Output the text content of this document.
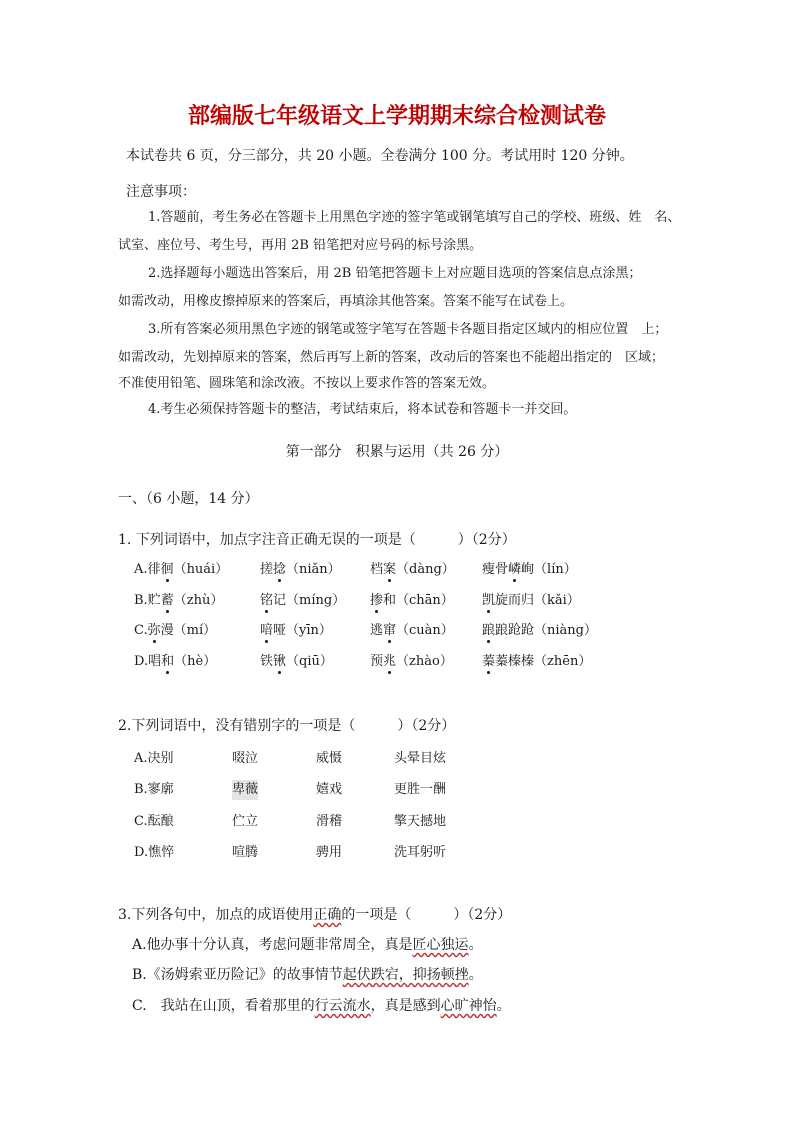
部编版七年级语文上学期期末综合检测试卷
本试卷共 6 页，分三部分，共 20 小题。全卷满分 100 分。考试用时 120 分钟。
注意事项：
1.答题前，考生务必在答题卡上用黑色字迹的签字笔或钢笔填写自己的学校、班级、姓　名、
试室、座位号、考生号，再用 2B 铅笔把对应号码的标号涂黑。
2.选择题每小题选出答案后，用 2B 铅笔把答题卡上对应题目选项的答案信息点涂黑；
如需改动，用橡皮擦掉原来的答案后，再填涂其他答案。答案不能写在试卷上。
3.所有答案必须用黑色字迹的钢笔或签字笔写在答题卡各题目指定区域内的相应位置　上；
如需改动，先划掉原来的答案，然后再写上新的答案，改动后的答案也不能超出指定的　区域；
不准使用铅笔、圆珠笔和涂改液。不按以上要求作答的答案无效。
4.考生必须保持答题卡的整洁，考试结束后，将本试卷和答题卡一并交回。
第一部分　积累与运用（共 26 分）
一、（6 小题，14 分）
1. 下列词语中，加点字注音正确无误的一项是（　　　）（2分）
A.徘徊（huái） 搓捻（niǎn） 档案（dàng） 瘦骨嶙峋（lín）
B.贮蓄（zhù）	铭记（míng） 掺和（chān） 凯旋而归（kǎi）
C.弥漫（mí）	喑哑（yīn）	逃窜（cuàn） 踉踉跄跄（niàng）
D.唱和（hè）	铁锹（qiū）	预兆（zhào） 蓁蓁榛榛（zhēn）
2.下列词语中，没有错别字的一项是（　　　）（2分）
A.决别	啜泣	威慑	头晕目炫
B.寥廓	卑薇	嬉戏	更胜一酬
C.酝酿	伫立	滑稽	擎天撼地
D.憔悴	喧腾	骋用	洗耳躬听
3.下列各句中，加点的成语使用正确的一项是（　　　）（2分）
A.他办事十分认真，考虑问题非常周全，真是匠心独运。
B.《汤姆索亚历险记》的故事情节起伏跌宕，抑扬顿挫。
C.　我站在山顶，看着那里的行云流水，真是感到心旷神怡。
